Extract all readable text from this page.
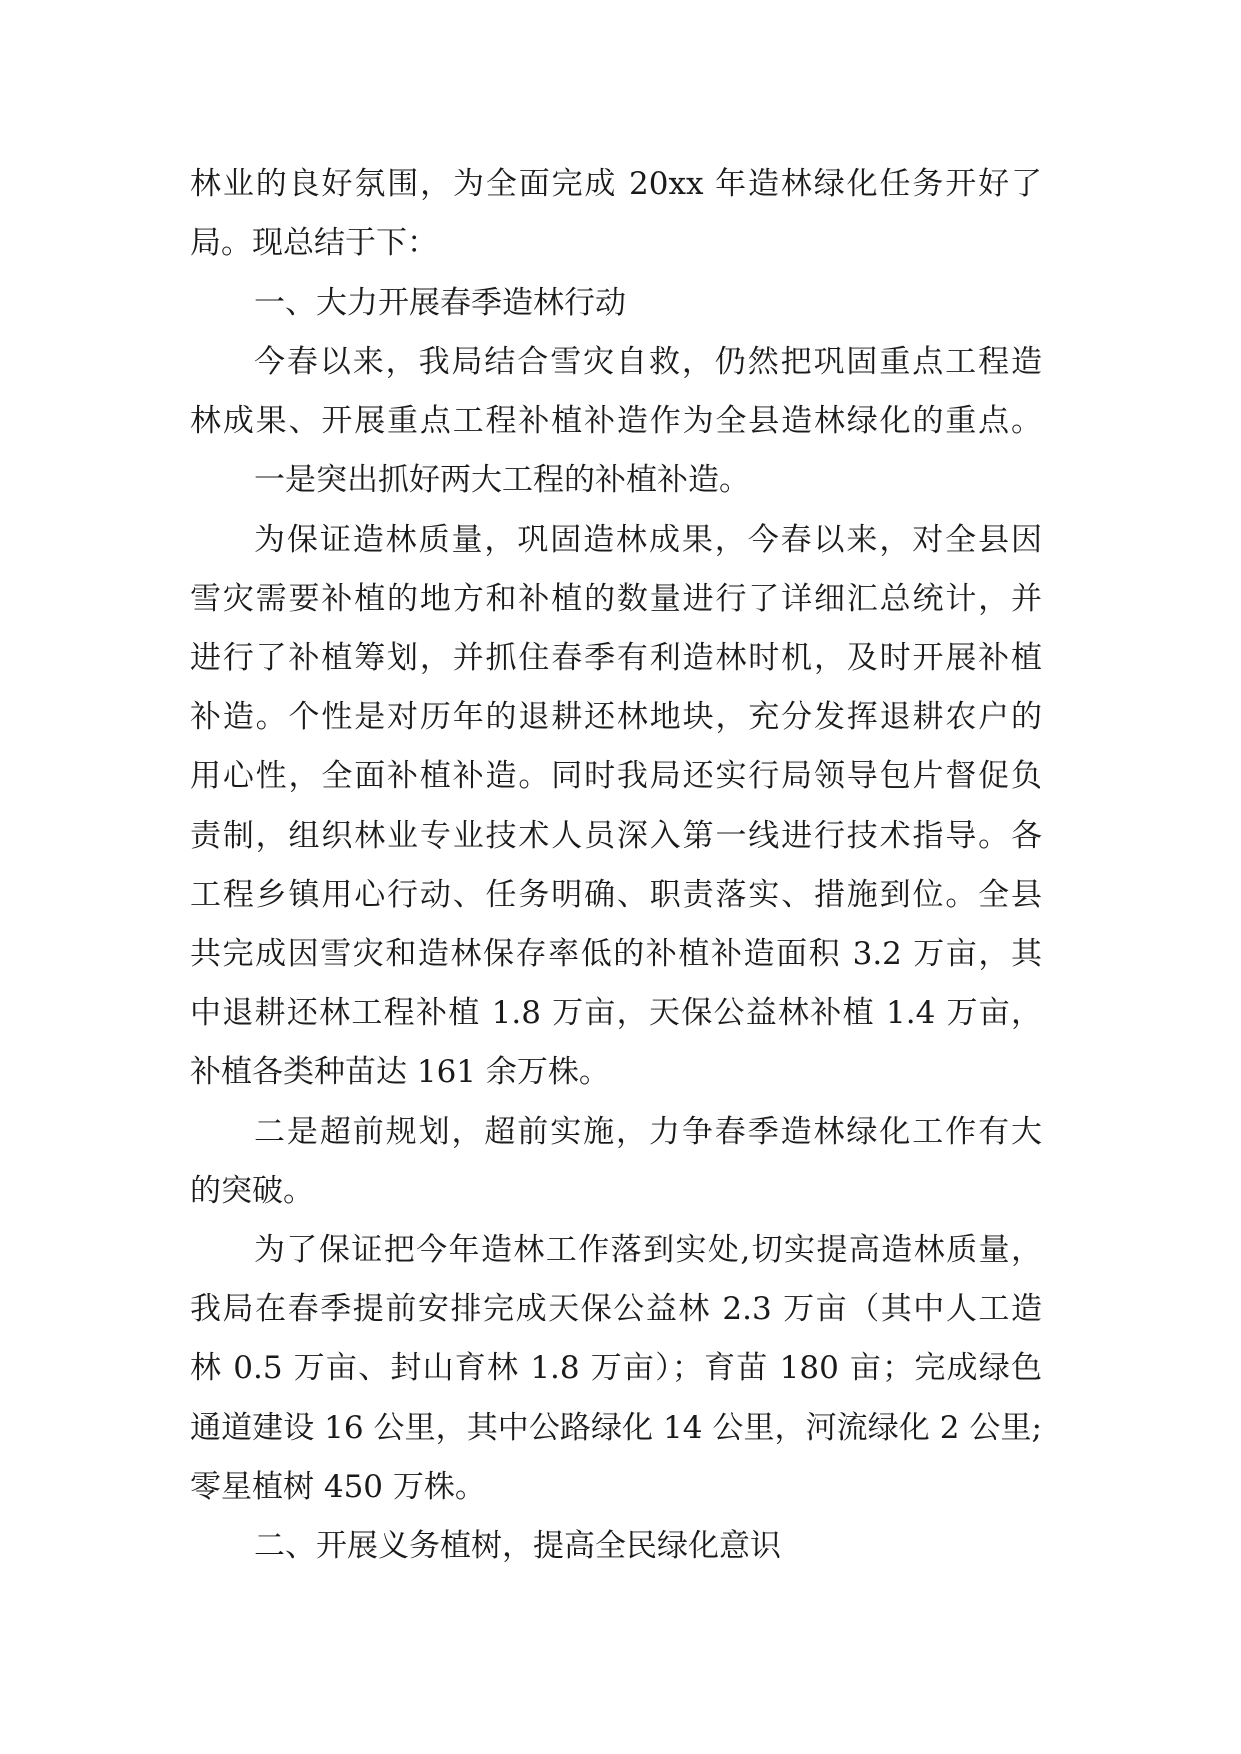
林业的良好氛围，为全面完成 20xx 年造林绿化任务开好了

局。现总结于下：

一、大力开展春季造林行动

今春以来，我局结合雪灾自救，仍然把巩固重点工程造

林成果、开展重点工程补植补造作为全县造林绿化的重点。

一是突出抓好两大工程的补植补造。

为保证造林质量，巩固造林成果，今春以来，对全县因

雪灾需要补植的地方和补植的数量进行了详细汇总统计，并

进行了补植筹划，并抓住春季有利造林时机，及时开展补植

补造。个性是对历年的退耕还林地块，充分发挥退耕农户的

用心性，全面补植补造。同时我局还实行局领导包片督促负

责制，组织林业专业技术人员深入第一线进行技术指导。各

工程乡镇用心行动、任务明确、职责落实、措施到位。全县

共完成因雪灾和造林保存率低的补植补造面积 3.2 万亩，其

中退耕还林工程补植 1.8 万亩，天保公益林补植 1.4 万亩，

补植各类种苗达 161 余万株。

二是超前规划，超前实施，力争春季造林绿化工作有大

的突破。

为了保证把今年造林工作落到实处,切实提高造林质量，

我局在春季提前安排完成天保公益林 2.3 万亩（其中人工造

林 0.5 万亩、封山育林 1.8 万亩）；育苗 180 亩；完成绿色

通道建设 16 公里，其中公路绿化 14 公里，河流绿化 2 公里;

零星植树 450 万株。

二、开展义务植树，提高全民绿化意识
